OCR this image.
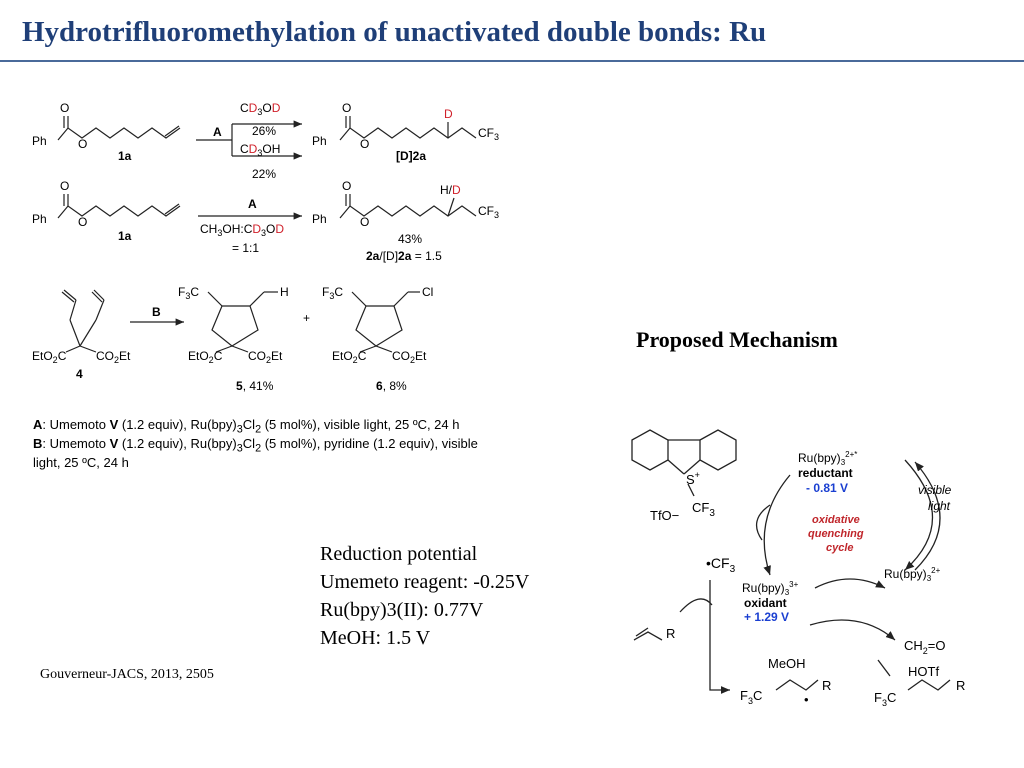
Hydrotrifluoromethylation of unactivated double bonds: Ru
O
Ph	O
1a
A
$CD_3OD$
26%
$CD_3OH$
22%
O
Ph	O
D
$CF_3$
[D]2a
O
Ph	O
1a
A
$CH_3OH:CD_3OD$
= 1:1
O
Ph	O
H/D
$CF_3$
43%
2a/[D]2a = 1.5
EtO$_2$C $CO_2Et$
4
B
$F_3C$	H
EtO$_2$C $CO_2Et$
5, 41%
+
$F_3C$	Cl
EtO$_2$C $CO_2Et$
6, 8%
A: Umemoto V (1.2 equiv), $Ru(bpy)_3Cl_2$ (5 mol%), visible light, 25 ºC, 24 h
B: Umemoto V (1.2 equiv), $Ru(bpy)_3Cl_2$ (5 mol%), pyridine (1.2 equiv), visible
light, 25 ºC, 24 h
Proposed Mechanism
S+
$CF_3$
TfO−
$•CF_3$
$Ru(bpy)_3^{2+*}$
reductant
- 0.81 V	visible
light
oxidative
quenching
cycle
$Ru(bpy)_3^{2+}$
$Ru(bpy)_3^{3+}$
oxidant
+ 1.29 V
R
MeOH
$CH_2=O$
HOTf
$F_3C$
R
•	$F_3C$
R
Reduction potential
Umemeto reagent: -0.25V
Ru(bpy)3(II): 0.77V
MeOH: 1.5 V
Gouverneur-JACS, 2013, 2505
